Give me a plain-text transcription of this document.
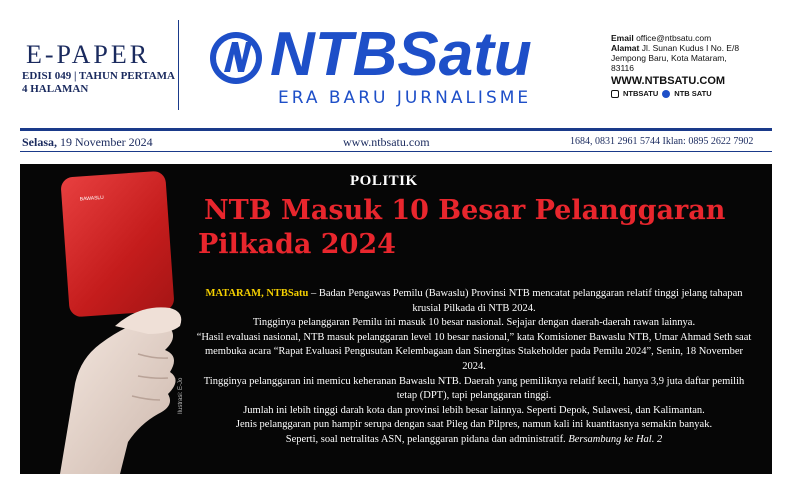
E-PAPER
EDISI 049 | TAHUN PERTAMA
4 HALAMAN	NTBSatu
ERA BARU JURNALISME
Email office@ntbsatu.com
Alamat Jl. Sunan Kudus I No. E/8
Jempong Baru, Kota Mataram,
83116
WWW.NTBSATU.COM
NTBSATU NTB SATU
Selasa, 19 November 2024	www.ntbsatu.com	1684, 0831 2961 5744 Iklan: 0895 2622 7902
BAWASLU
Ilustrasi: E-Jo
POLITIK
NTB Masuk 10 Besar Pelanggaran
Pilkada 2024

MATARAM, NTBSatu – Badan Pengawas Pemilu (Bawaslu) Provinsi NTB mencatat pelanggaran relatif tinggi jelang tahapan krusial Pilkada di NTB 2024.

Tingginya pelanggaran Pemilu ini masuk 10 besar nasional. Sejajar dengan daerah-daerah rawan lainnya.

“Hasil evaluasi nasional, NTB masuk pelanggaran level 10 besar nasional,” kata Komisioner Bawaslu NTB, Umar Ahmad Seth saat membuka acara “Rapat Evaluasi Pengusutan Kelembagaan dan Sinergitas Stakeholder pada Pemilu 2024”, Senin, 18 November 2024.

Tingginya pelanggaran ini memicu keheranan Bawaslu NTB. Daerah yang pemiliknya relatif kecil, hanya 3,9 juta daftar pemilih tetap (DPT), tapi pelanggaran tinggi.

Jumlah ini lebih tinggi darah kota dan provinsi lebih besar lainnya. Seperti Depok, Sulawesi, dan Kalimantan.

Jenis pelanggaran pun hampir serupa dengan saat Pileg dan Pilpres, namun kali ini kuantitasnya semakin banyak.

Seperti, soal netralitas ASN, pelanggaran pidana dan administratif. Bersambung ke Hal. 2
